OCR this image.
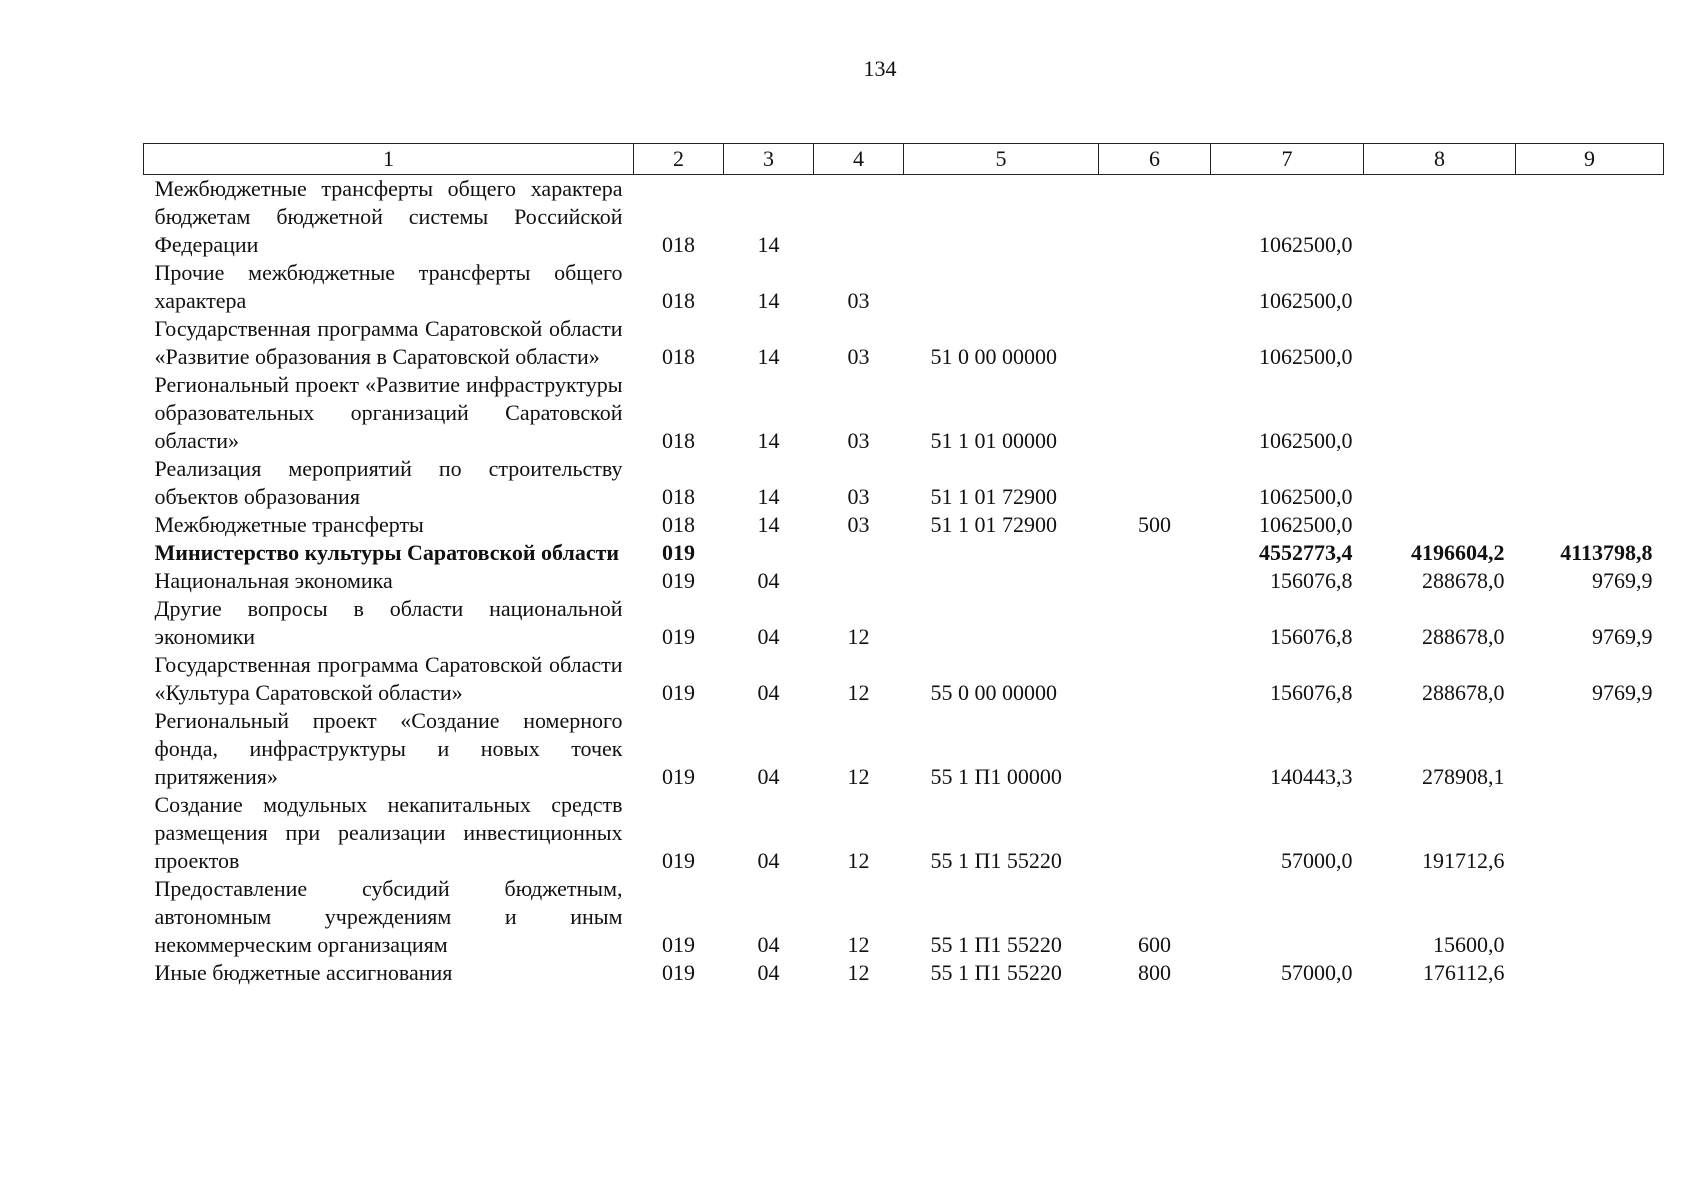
134
1	2	3	4	5	6	7	8	9
Межбюджетные трансферты общего характера бюджетам бюджетной системы Российской Федерации	018	14				1062500,0		
Прочие межбюджетные трансферты общего характера	018	14	03			1062500,0		
Государственная программа Саратовской области «Развитие образования в Саратовской области»	018	14	03	51 0 00 00000		1062500,0		
Региональный проект «Развитие инфраструктуры образовательных организаций Саратовской области»	018	14	03	51 1 01 00000		1062500,0		
Реализация мероприятий по строительству объектов образования	018	14	03	51 1 01 72900		1062500,0		
Межбюджетные трансферты	018	14	03	51 1 01 72900	500	1062500,0		
Министерство культуры Саратовской области	019					4552773,4	4196604,2	4113798,8
Национальная экономика	019	04				156076,8	288678,0	9769,9
Другие вопросы в области национальной экономики	019	04	12			156076,8	288678,0	9769,9
Государственная программа Саратовской области «Культура Саратовской области»	019	04	12	55 0 00 00000		156076,8	288678,0	9769,9
Региональный проект «Создание номерного фонда, инфраструктуры и новых точек притяжения»	019	04	12	55 1 П1 00000		140443,3	278908,1	
Создание модульных некапитальных средств размещения при реализации инвестиционных проектов	019	04	12	55 1 П1 55220		57000,0	191712,6	
Предоставление субсидий бюджетным, автономным учреждениям и иным некоммерческим организациям	019	04	12	55 1 П1 55220	600		15600,0	
Иные бюджетные ассигнования	019	04	12	55 1 П1 55220	800	57000,0	176112,6	
